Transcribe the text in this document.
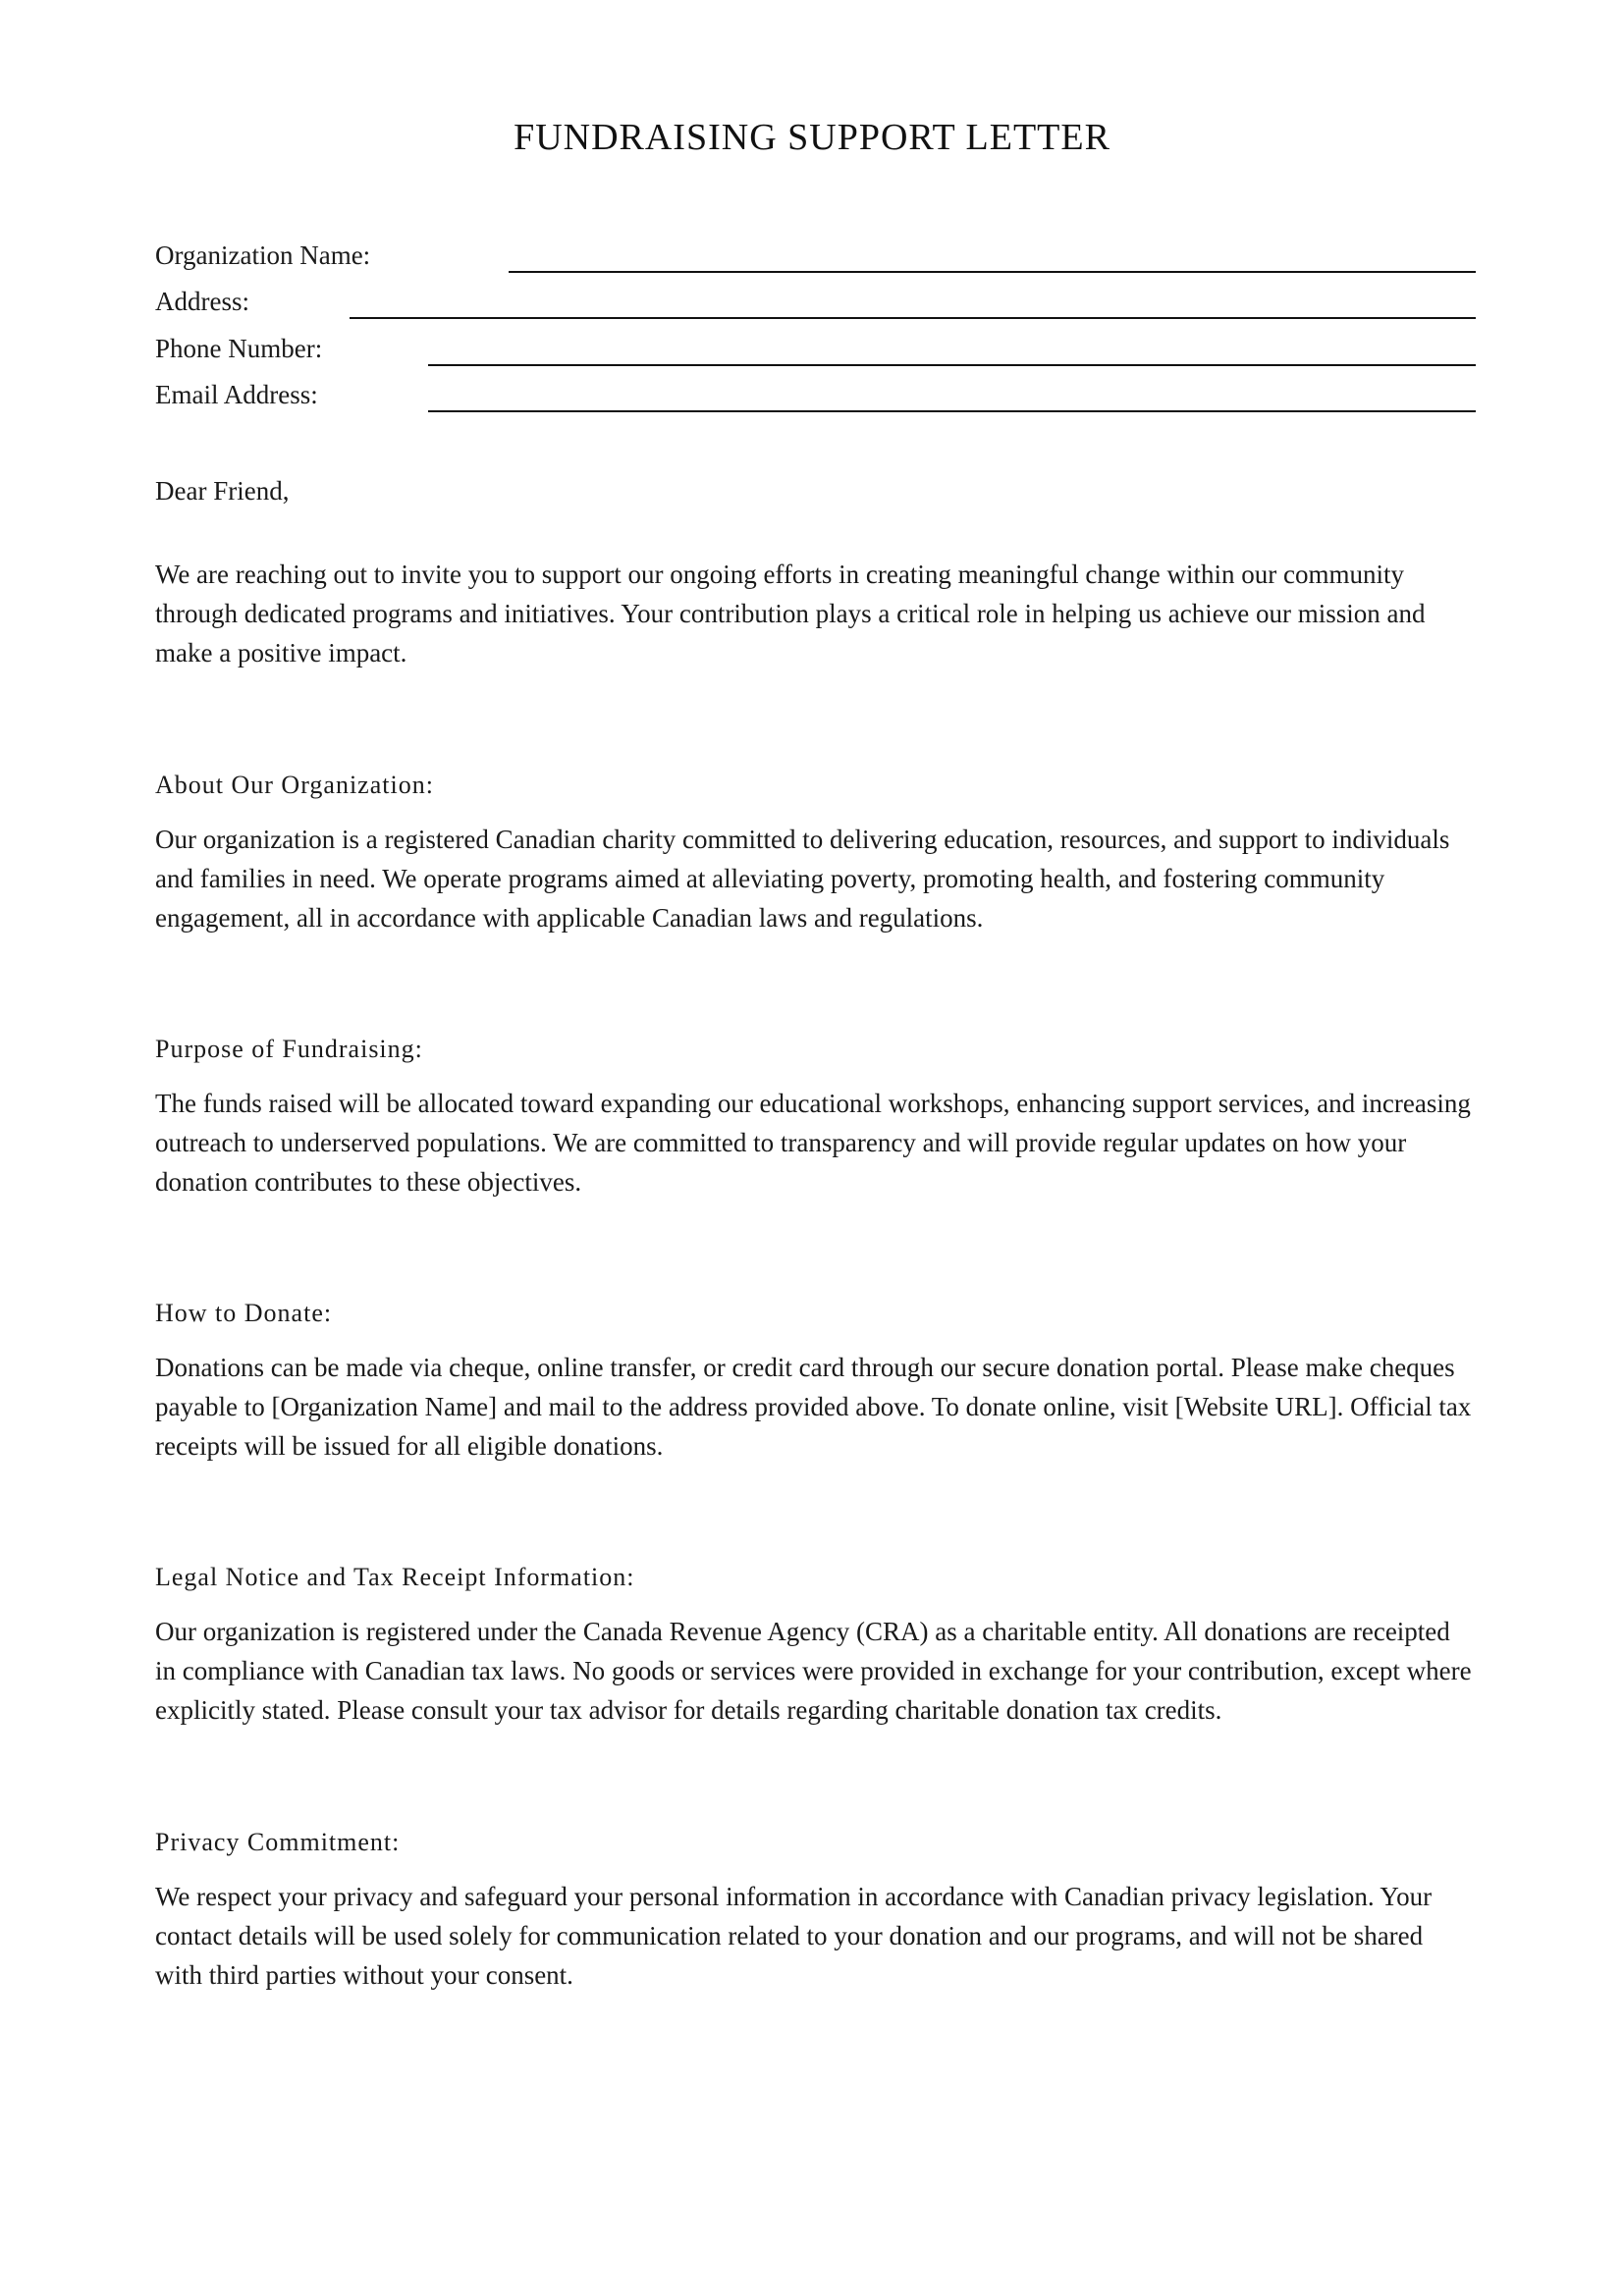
FUNDRAISING SUPPORT LETTER
Organization Name:
Address:
Phone Number:
Email Address:
Dear Friend,

We are reaching out to invite you to support our ongoing efforts in creating meaningful change within our community through dedicated programs and initiatives. Your contribution plays a critical role in helping us achieve our mission and make a positive impact.

About Our Organization:

Our organization is a registered Canadian charity committed to delivering education, resources, and support to individuals and families in need. We operate programs aimed at alleviating poverty, promoting health, and fostering community engagement, all in accordance with applicable Canadian laws and regulations.

Purpose of Fundraising:

The funds raised will be allocated toward expanding our educational workshops, enhancing support services, and increasing outreach to underserved populations. We are committed to transparency and will provide regular updates on how your donation contributes to these objectives.

How to Donate:

Donations can be made via cheque, online transfer, or credit card through our secure donation portal. Please make cheques payable to [Organization Name] and mail to the address provided above. To donate online, visit [Website URL]. Official tax receipts will be issued for all eligible donations.

Legal Notice and Tax Receipt Information:

Our organization is registered under the Canada Revenue Agency (CRA) as a charitable entity. All donations are receipted in compliance with Canadian tax laws. No goods or services were provided in exchange for your contribution, except where explicitly stated. Please consult your tax advisor for details regarding charitable donation tax credits.

Privacy Commitment:

We respect your privacy and safeguard your personal information in accordance with Canadian privacy legislation. Your contact details will be used solely for communication related to your donation and our programs, and will not be shared with third parties without your consent.
